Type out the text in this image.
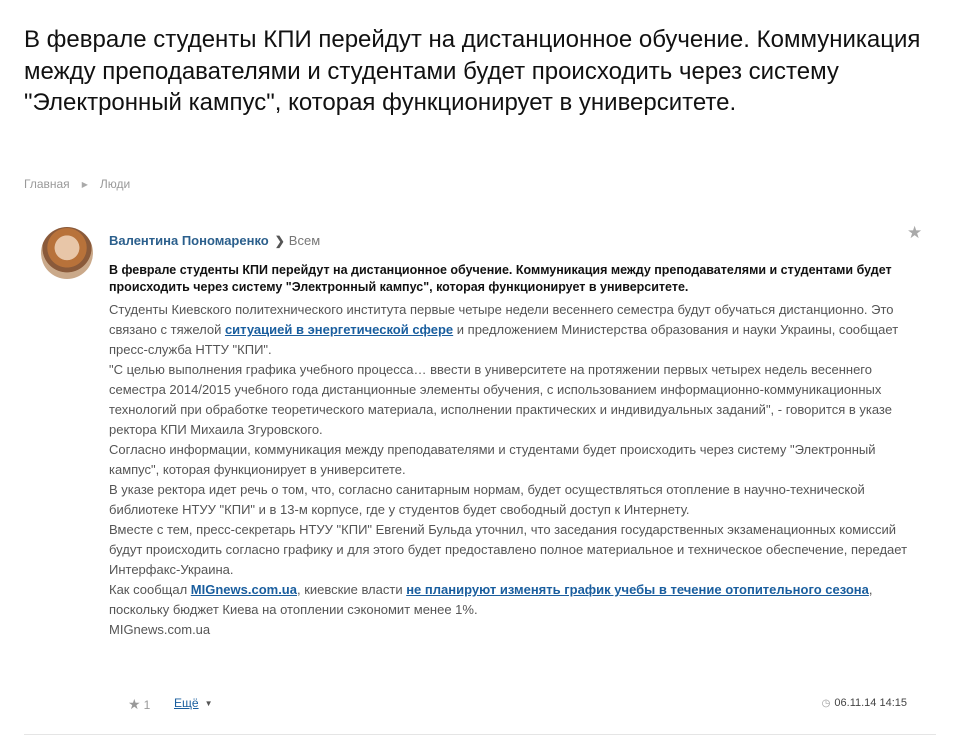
В феврале студенты КПИ перейдут на дистанционное обучение. Коммуникация между преподавателями и студентами будет происходить через систему "Электронный кампус", которая функционирует в университете.
Главная ▶ Люди
Валентина Пономаренко ❯ Всем	★
В феврале студенты КПИ перейдут на дистанционное обучение. Коммуникация между преподавателями и студентами будет происходить через систему "Электронный кампус", которая функционирует в университете.

Студенты Киевского политехнического института первые четыре недели весеннего семестра будут обучаться дистанционно. Это связано с тяжелой ситуацией в энергетической сфере и предложением Министерства образования и науки Украины, сообщает пресс-служба НТТУ "КПИ".

"С целью выполнения графика учебного процесса… ввести в университете на протяжении первых четырех недель весеннего семестра 2014/2015 учебного года дистанционные элементы обучения, с использованием информационно-коммуникационных технологий при обработке теоретического материала, исполнении практических и индивидуальных заданий", - говорится в указе ректора КПИ Михаила Згуровского.

Согласно информации, коммуникация между преподавателями и студентами будет происходить через систему "Электронный кампус", которая функционирует в университете.

В указе ректора идет речь о том, что, согласно санитарным нормам, будет осуществляться отопление в научно-технической библиотеке НТУУ "КПИ" и в 13-м корпусе, где у студентов будет свободный доступ к Интернету.

Вместе с тем, пресс-секретарь НТУУ "КПИ" Евгений Бульда уточнил, что заседания государственных экзаменационных комиссий будут происходить согласно графику и для этого будет предоставлено полное материальное и техническое обеспечение, передает Интерфакс-Украина.

Как сообщал MIGnews.com.ua, киевские власти не планируют изменять график учебы в течение отопительного сезона, поскольку бюджет Киева на отоплении сэкономит менее 1%.

MIGnews.com.ua

★ 1 Ещё ▼	◷ 06.11.14 14:15
